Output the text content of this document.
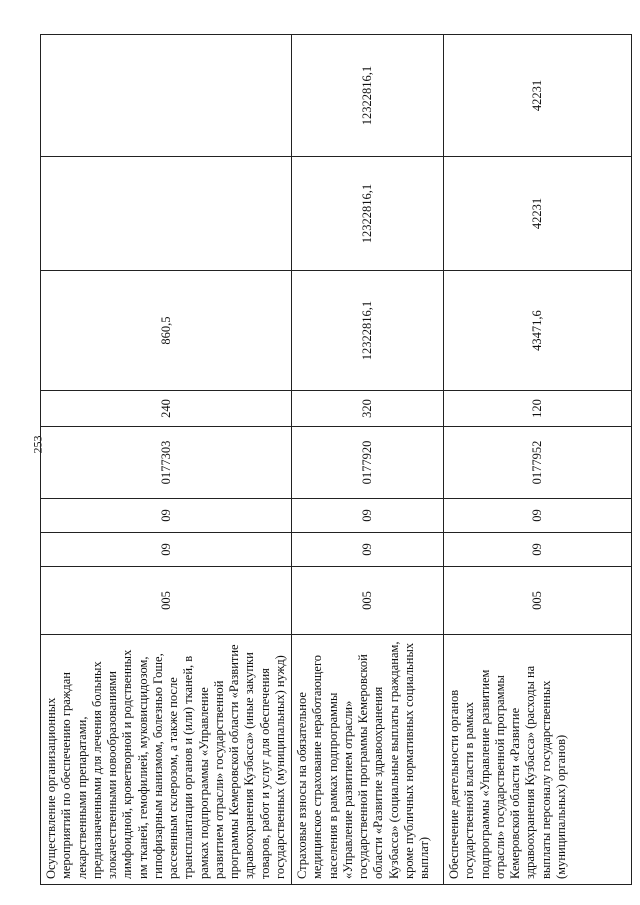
253
Осуществление организационных мероприятий по обеспечению граждан лекарственными препаратами, предназначенными для лечения больных злокачественными новообразованиями лимфоидной, кроветворной и родственных им тканей, гемофилией, муковисцидозом, гипофизарным нанизмом, болезнью Гоше, рассеянным склерозом, а также после трансплантации органов и (или) тканей, в рамках подпрограммы «Управление развитием отрасли» государственной программы Кемеровской области «Развитие здравоохранения Кузбасса» (иные закупки товаров, работ и услуг для обеспечения государственных (муниципальных) нужд)	005	09	09	0177303	240	860,5		
Страховые взносы на обязательное медицинское страхование неработающего населения в рамках подпрограммы «Управление развитием отрасли» государственной программы Кемеровской области «Развитие здравоохранения Кузбасса» (социальные выплаты гражданам, кроме публичных нормативных социальных выплат)	005	09	09	0177920	320	12322816,1	12322816,1	12322816,1
Обеспечение деятельности органов государственной власти в рамках подпрограммы «Управление развитием отрасли» государственной программы Кемеровской области «Развитие здравоохранения Кузбасса» (расходы на выплаты персоналу государственных (муниципальных) органов)	005	09	09	0177952	120	43471,6	42231	42231
